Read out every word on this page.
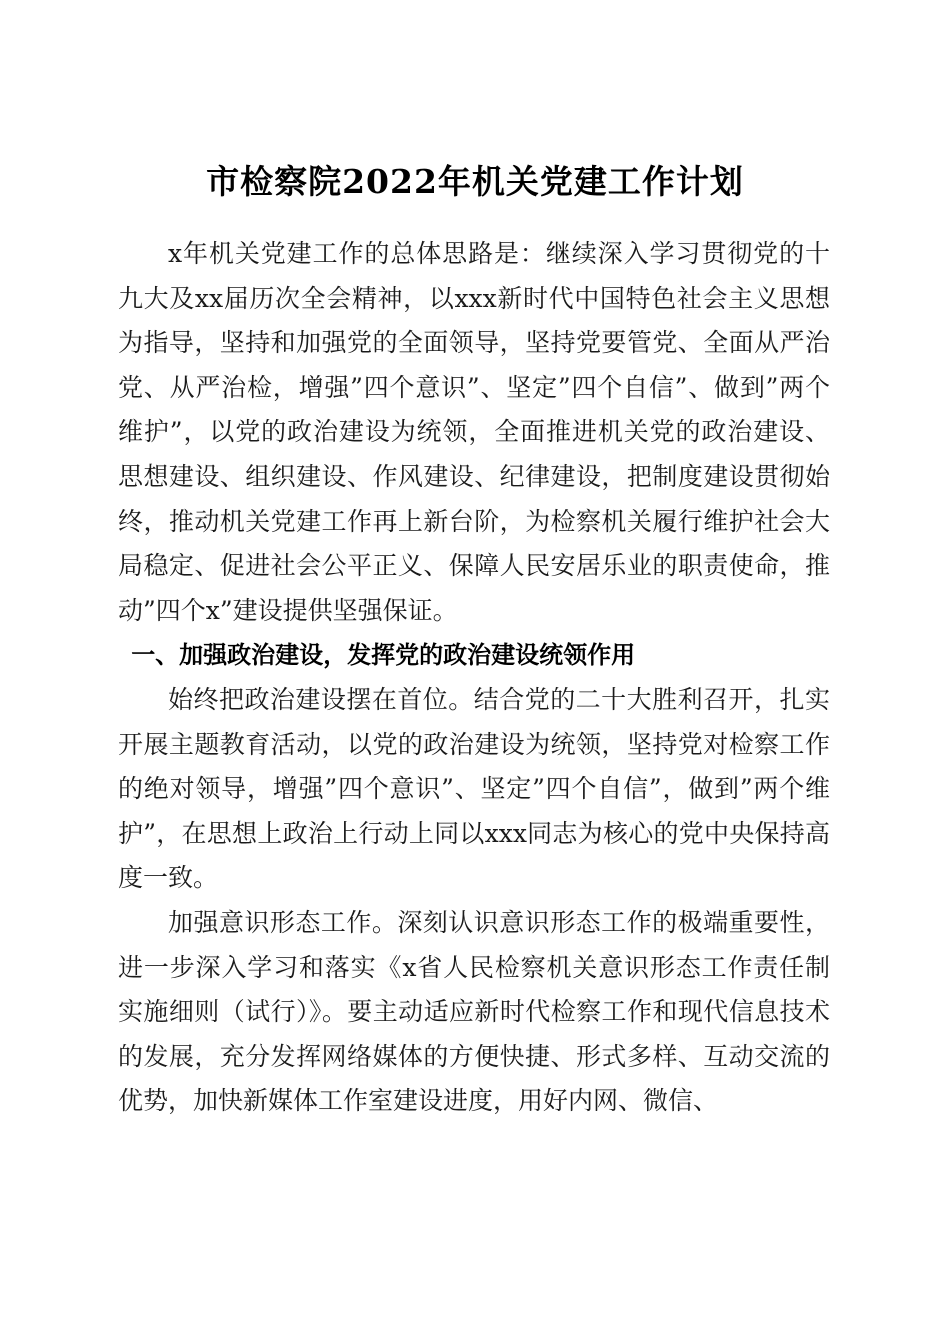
市检察院2022年机关党建工作计划

x年机关党建工作的总体思路是：继续深入学习贯彻党的十九大及xx届历次全会精神，以xxx新时代中国特色社会主义思想为指导，坚持和加强党的全面领导，坚持党要管党、全面从严治党、从严治检，增强”四个意识”、坚定”四个自信”、做到”两个维护”，以党的政治建设为统领，全面推进机关党的政治建设、思想建设、组织建设、作风建设、纪律建设，把制度建设贯彻始终，推动机关党建工作再上新台阶，为检察机关履行维护社会大局稳定、促进社会公平正义、保障人民安居乐业的职责使命，推动”四个x”建设提供坚强保证。

一、加强政治建设，发挥党的政治建设统领作用

始终把政治建设摆在首位。结合党的二十大胜利召开，扎实开展主题教育活动，以党的政治建设为统领，坚持党对检察工作的绝对领导，增强”四个意识”、坚定”四个自信”，做到”两个维护”，在思想上政治上行动上同以xxx同志为核心的党中央保持高度一致。

加强意识形态工作。深刻认识意识形态工作的极端重要性，进一步深入学习和落实《x省人民检察机关意识形态工作责任制实施细则（试行）》。要主动适应新时代检察工作和现代信息技术的发展，充分发挥网络媒体的方便快捷、形式多样、互动交流的优势，加快新媒体工作室建设进度，用好内网、微信、
